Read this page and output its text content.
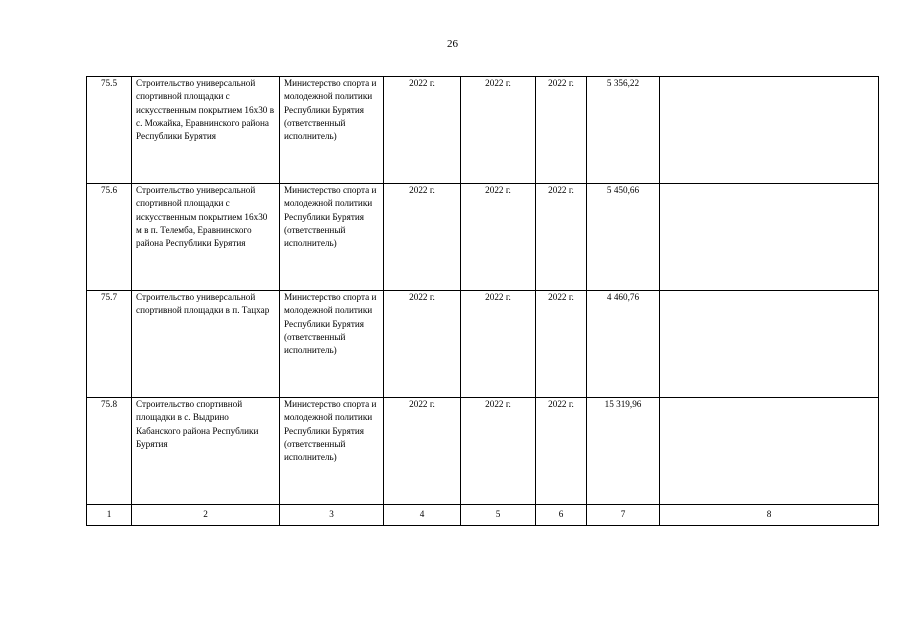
26
75.5	Строительство универсальной спортивной площадки с искусственным покрытием 16х30 в с. Можайка, Еравнинского района Республики Бурятия	Министерство спорта и молодежной политики Республики Бурятия (ответственный исполнитель)	2022 г.	2022 г.	2022 г.	5 356,22	
75.6	Строительство универсальной спортивной площадки с искусственным покрытием 16х30 м в п. Телемба, Еравнинского района Республики Бурятия	Министерство спорта и молодежной политики Республики Бурятия (ответственный исполнитель)	2022 г.	2022 г.	2022 г.	5 450,66	
75.7	Строительство универсальной спортивной площадки в п. Тацхар	Министерство спорта и молодежной политики Республики Бурятия (ответственный исполнитель)	2022 г.	2022 г.	2022 г.	4 460,76	
75.8	Строительство спортивной площадки в с. Выдрино Кабанского района Республики Бурятия	Министерство спорта и молодежной политики Республики Бурятия (ответственный исполнитель)	2022 г.	2022 г.	2022 г.	15 319,96	
1	2	3	4	5	6	7	8
